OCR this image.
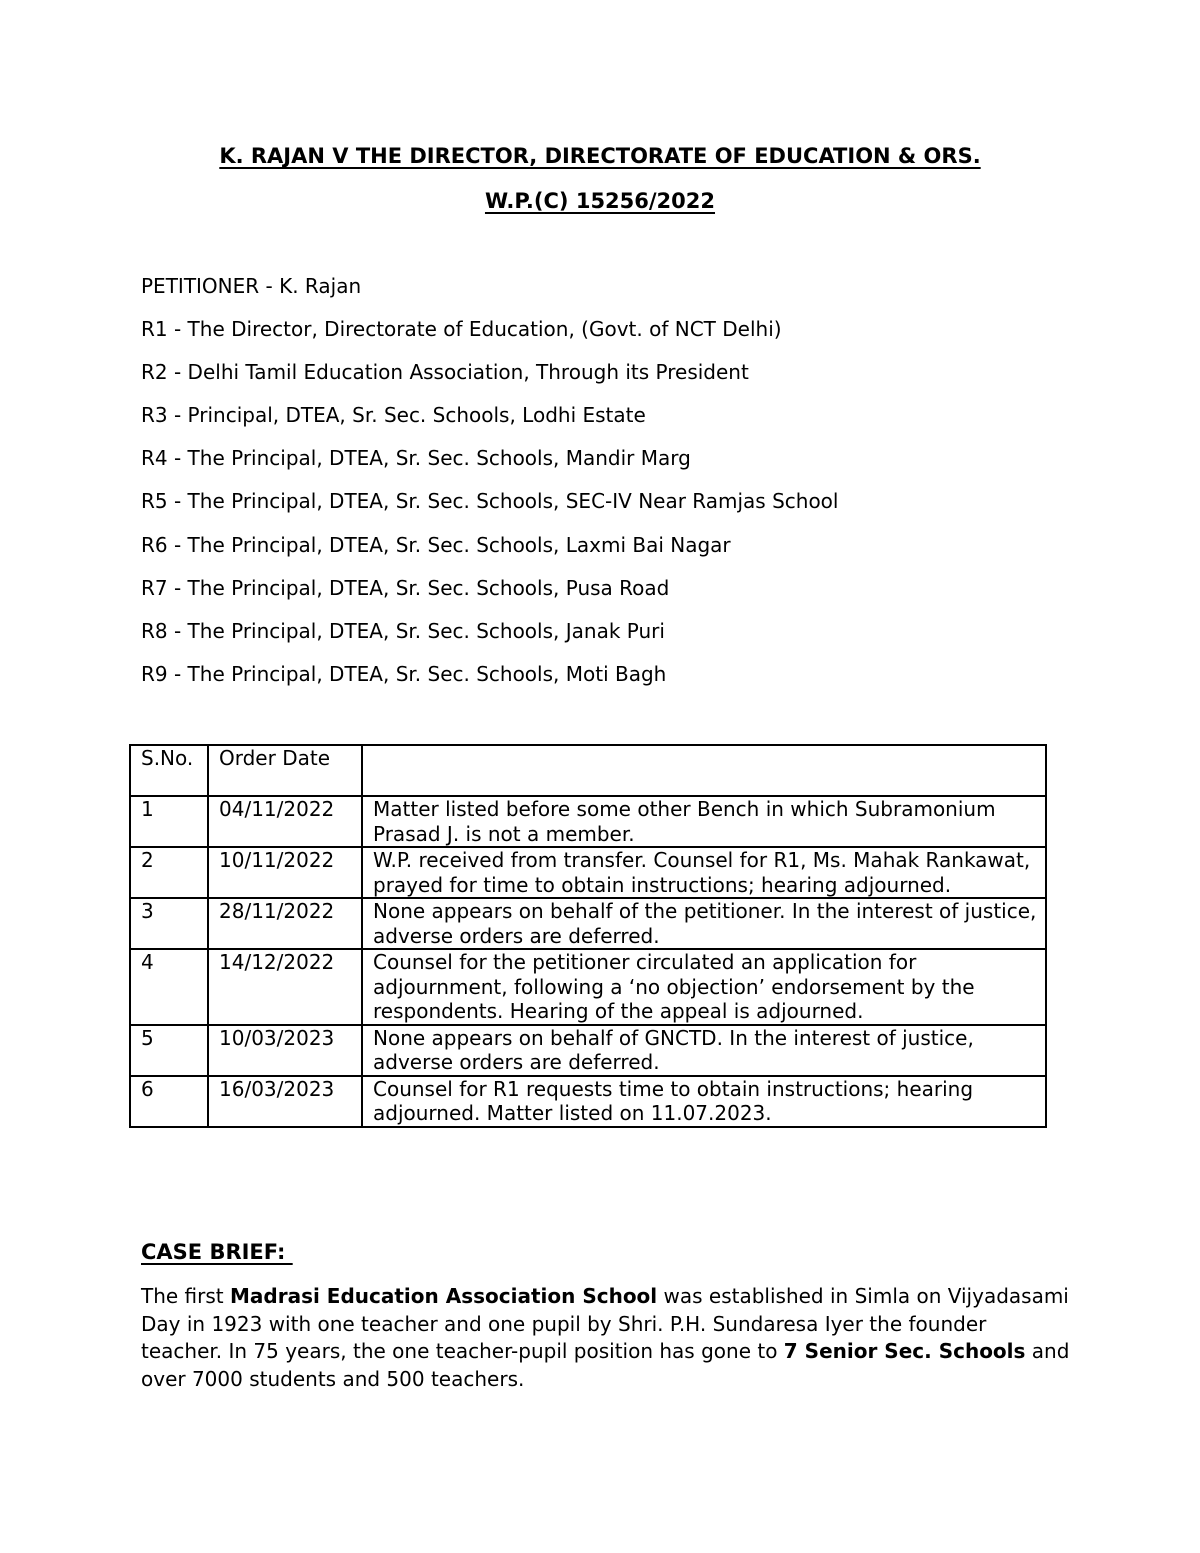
K. RAJAN V THE DIRECTOR, DIRECTORATE OF EDUCATION & ORS.
W.P.(C) 15256/2022
PETITIONER - K. Rajan
R1 - The Director, Directorate of Education, (Govt. of NCT Delhi)
R2 - Delhi Tamil Education Association, Through its President
R3 - Principal, DTEA, Sr. Sec. Schools, Lodhi Estate
R4 - The Principal, DTEA, Sr. Sec. Schools, Mandir Marg
R5 - The Principal, DTEA, Sr. Sec. Schools, SEC-IV Near Ramjas School
R6 - The Principal, DTEA, Sr. Sec. Schools, Laxmi Bai Nagar
R7 - The Principal, DTEA, Sr. Sec. Schools, Pusa Road
R8 - The Principal, DTEA, Sr. Sec. Schools, Janak Puri
R9 - The Principal, DTEA, Sr. Sec. Schools, Moti Bagh
S.No.	Order Date	
1	04/11/2022	Matter listed before some other Bench in which Subramonium Prasad J. is not a member.
2	10/11/2022	W.P. received from transfer. Counsel for R1, Ms. Mahak Rankawat, prayed for time to obtain instructions; hearing adjourned.
3	28/11/2022	None appears on behalf of the petitioner. In the interest of justice, adverse orders are deferred.
4	14/12/2022	Counsel for the petitioner circulated an application for adjournment, following a ‘no objection’ endorsement by the respondents. Hearing of the appeal is adjourned.
5	10/03/2023	None appears on behalf of GNCTD. In the interest of justice, adverse orders are deferred.
6	16/03/2023	Counsel for R1 requests time to obtain instructions; hearing adjourned. Matter listed on 11.07.2023.
CASE BRIEF:
The first Madrasi Education Association School was established in Simla on Vijyadasami Day in 1923 with one teacher and one pupil by Shri. P.H. Sundaresa Iyer the founder teacher. In 75 years, the one teacher-pupil position has gone to 7 Senior Sec. Schools and over 7000 students and 500 teachers.
